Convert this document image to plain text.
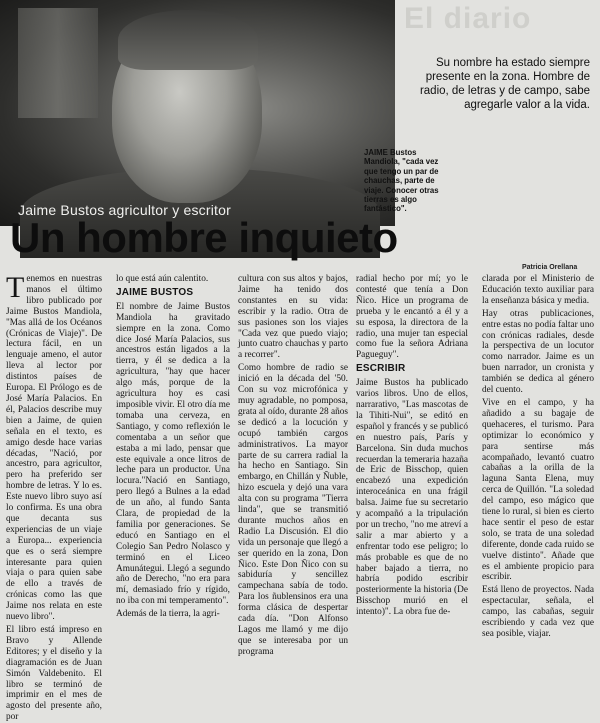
Jaime Bustos agricultor y escritor
El diario
Su nombre ha estado siempre presente en la zona. Hombre de radio, de letras y de campo, sabe agregarle valor a la vida.
JAIME Bustos Mandiola, "cada vez que tengo un par de chauchas, parte de viaje. Conocer otras tierras es algo fantástico".
Un hombre inquieto
Patricia Orellana

Tenemos en nuestras manos el último libro publicado por Jaime Bustos Mandiola, "Mas allá de los Océanos (Crónicas de Viaje)". De lectura fácil, en un lenguaje ameno, el autor lleva al lector por distintos países de Europa. El Prólogo es de José María Palacios. En él, Palacios describe muy bien a Jaime, de quien señala en el texto, es amigo desde hace varias décadas, "Nació, por ancestro, para agricultor, pero ha preferido ser hombre de letras. Y lo es. Este nuevo libro suyo así lo confirma. Es una obra que decanta sus experiencias de un viaje a Europa... experiencia que es o será siempre interesante para quien viaja o para quien sabe de ello a través de crónicas como las que Jaime nos relata en este nuevo libro".

El libro está impreso en Bravo y Allende Editores; y el diseño y la diagramación es de Juan Simón Valdebenito. El libro se terminó de imprimir en el mes de agosto del presente año, por

lo que está aún calentito.

JAIME BUSTOS

El nombre de Jaime Bustos Mandiola ha gravitado siempre en la zona. Como dice José María Palacios, sus ancestros están ligados a la tierra, y él se dedica a la agricultura, "hay que hacer algo más, porque de la agricultura hoy es casi imposible vivir. El otro día me tomaba una cerveza, en Santiago, y como reflexión le comentaba a un señor que estaba a mi lado, pensar que este equivale a once litros de leche para un productor. Una locura."Nació en Santiago, pero llegó a Bulnes a la edad de un año, al fundo Santa Clara, de propiedad de la familia por generaciones. Se educó en Santiago en el Colegio San Pedro Nolasco y terminó en el Liceo Amunátegui. Llegó a segundo año de Derecho, "no era para mí, demasiado frío y rígido, no iba con mi temperamento".

Además de la tierra, la agri-

cultura con sus altos y bajos, Jaime ha tenido dos constantes en su vida: escribir y la radio. Otra de sus pasiones son los viajes "Cada vez que puedo viajo; junto cuatro chauchas y parto a recorrer".

Como hombre de radio se inició en la década del '50. Con su voz microfónica y muy agradable, no pomposa, grata al oído, durante 28 años se dedicó a la locución y ocupó también cargos administrativos. La mayor parte de su carrera radial la ha hecho en Santiago. Sin embargo, en Chillán y Ñuble, hizo escuela y dejó una vara alta con su programa "Tierra linda", que se transmitió durante muchos años en Radio La Discusión. El dio vida un personaje que llegó a ser querido en la zona, Don Ñico. Este Don Ñico con su sabiduría y sencillez campechana sabía de todo. Para los ñublensinos era una forma clásica de despertar cada día. "Don Alfonso Lagos me llamó y me dijo que se interesaba por un programa

radial hecho por mí; yo le contesté que tenía a Don Ñico. Hice un programa de prueba y le encantó a él y a su esposa, la directora de la radio, una mujer tan especial como fue la señora Adriana Pagueguy".

ESCRIBIR

Jaime Bustos ha publicado varios libros. Uno de ellos, narrarativo, "Las mascotas de la Tihiti-Nui", se editó en español y francés y se publicó en nuestro país, París y Barcelona. Sin duda muchos recuerdan la temeraria hazaña de Eric de Bisschop, quien encabezó una expedición interoceánica en una frágil balsa. Jaime fue su secretario y acompañó a la tripulación por un trecho, "no me atreví a salir a mar abierto y a enfrentar todo ese peligro; lo más probable es que de no haber bajado a tierra, no habría podido escribir posteriormente la historia (De Bisschop murió en el intento)". La obra fue de-

clarada por el Ministerio de Educación texto auxiliar para la enseñanza básica y media.

Hay otras publicaciones, entre estas no podía faltar uno con crónicas radiales, desde la perspectiva de un locutor como narrador. Jaime es un buen narrador, un cronista y también se dedica al género del cuento.

Vive en el campo, y ha añadido a su bagaje de quehaceres, el turismo. Para optimizar lo económico y para sentirse más acompañado, levantó cuatro cabañas a la orilla de la laguna Santa Elena, muy cerca de Quillón. "La soledad del campo, eso mágico que tiene lo rural, si bien es cierto hace sentir el peso de estar solo, se trata de una soledad diferente, donde cada ruido se vuelve distinto". Añade que es el ambiente propicio para escribir.

Está lleno de proyectos. Nada espectacular, señala, el campo, las cabañas, seguir escribiendo y cada vez que sea posible, viajar.
